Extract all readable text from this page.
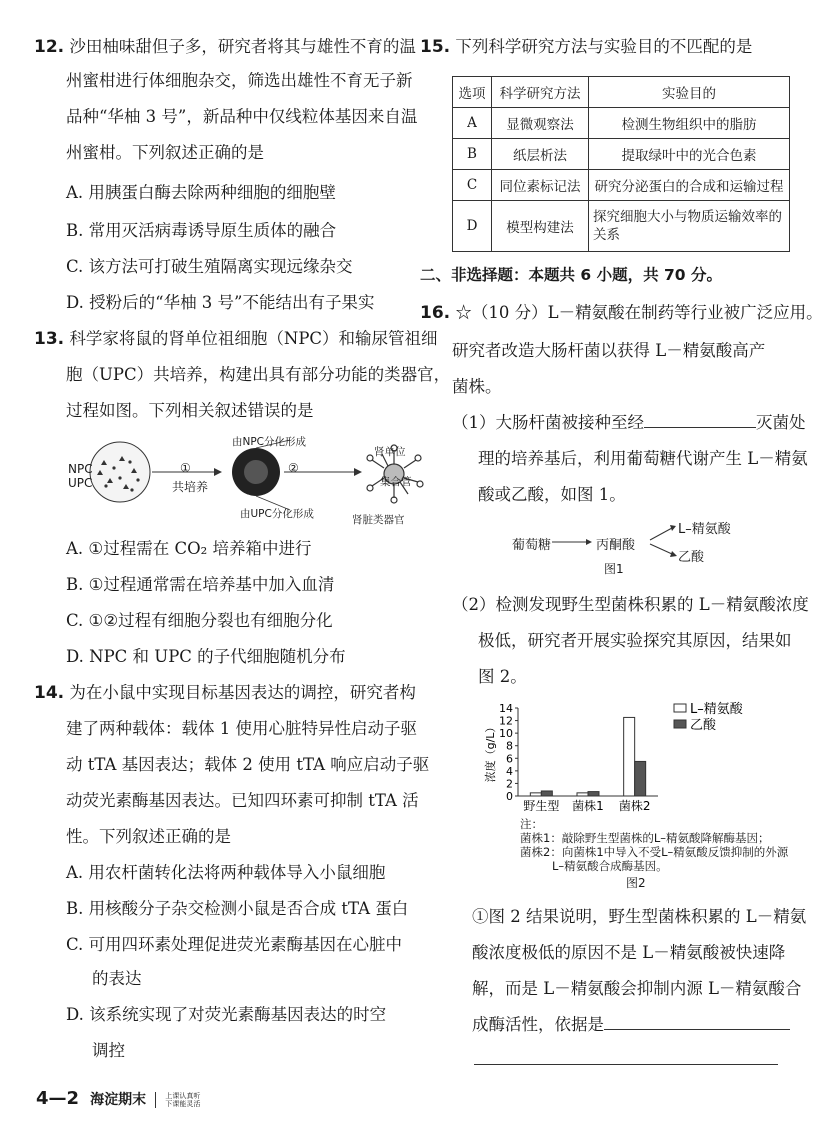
12. 沙田柚味甜但子多，研究者将其与雄性不育的温
州蜜柑进行体细胞杂交，筛选出雄性不育无子新
品种“华柚 3 号”，新品种中仅线粒体基因来自温
州蜜柑。下列叙述正确的是
A. 用胰蛋白酶去除两种细胞的细胞壁
B. 常用灭活病毒诱导原生质体的融合
C. 该方法可打破生殖隔离实现远缘杂交
D. 授粉后的“华柚 3 号”不能结出有子果实
13. 科学家将鼠的肾单位祖细胞（NPC）和输尿管祖细
胞（UPC）共培养，构建出具有部分功能的类器官，
过程如图。下列相关叙述错误的是
NPC
UPC
①
共培养
②
由NPC分化形成
由UPC分化形成
肾单位
集合管
肾脏类器官
A. ①过程需在 CO₂ 培养箱中进行
B. ①过程通常需在培养基中加入血清
C. ①②过程有细胞分裂也有细胞分化
D. NPC 和 UPC 的子代细胞随机分布
14. 为在小鼠中实现目标基因表达的调控，研究者构
建了两种载体：载体 1 使用心脏特异性启动子驱
动 tTA 基因表达；载体 2 使用 tTA 响应启动子驱
动荧光素酶基因表达。已知四环素可抑制 tTA 活
性。下列叙述正确的是
A. 用农杆菌转化法将两种载体导入小鼠细胞
B. 用核酸分子杂交检测小鼠是否合成 tTA 蛋白
C. 可用四环素处理促进荧光素酶基因在心脏中
的表达
D. 该系统实现了对荧光素酶基因表达的时空
调控
15. 下列科学研究方法与实验目的不匹配的是
选项	科学研究方法	实验目的
A	显微观察法	检测生物组织中的脂肪
B	纸层析法	提取绿叶中的光合色素
C	同位素标记法	研究分泌蛋白的合成和运输过程
D	模型构建法	探究细胞大小与物质运输效率的关系
二、非选择题：本题共 6 小题，共 70 分。
16. ☆（10 分）L－精氨酸在制药等行业被广泛应用。
研究者改造大肠杆菌以获得 L－精氨酸高产
菌株。
（1）大肠杆菌被接种至经	灭菌处
理的培养基后，利用葡萄糖代谢产生 L－精氨
酸或乙酸，如图 1。
葡萄糖	丙酮酸
L–精氨酸
乙酸
图1
（2）检测发现野生型菌株积累的 L－精氨酸浓度
极低，研究者开展实验探究其原因，结果如
图 2。
0
2
4
6
8
10
12
14
浓度（g/L）
野生型 菌株1 菌株2
L–精氨酸
乙酸
注：
菌株1：敲除野生型菌株的L–精氨酸降解酶基因；
菌株2：向菌株1中导入不受L–精氨酸反馈抑制的外源
L–精氨酸合成酶基因。
图2
①图 2 结果说明，野生型菌株积累的 L－精氨
酸浓度极低的原因不是 L－精氨酸被快速降
解，而是 L－精氨酸会抑制内源 L－精氨酸合
成酶活性，依据是
4—2 海淀期末	上课认真听
下课能灵活
